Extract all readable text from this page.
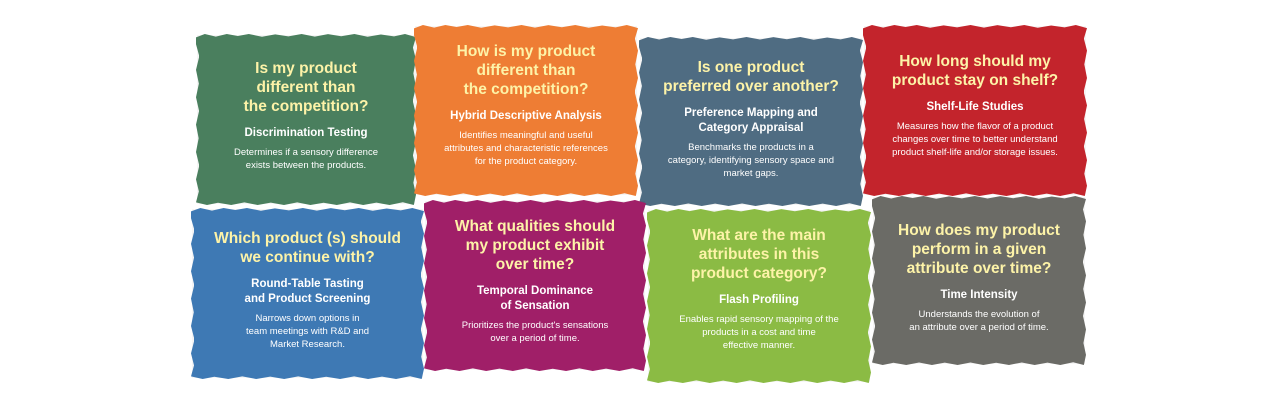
Is my product
different than
the competition?
Discrimination Testing
Determines if a sensory difference
exists between the products.
How is my product
different than
the competition?
Hybrid Descriptive Analysis
Identifies meaningful and useful
attributes and characteristic references
for the product category.
Is one product
preferred over another?
Preference Mapping and
Category Appraisal
Benchmarks the products in a
category, identifying sensory space and
market gaps.
How long should my
product stay on shelf?
Shelf-Life Studies
Measures how the flavor of a product
changes over time to better understand
product shelf-life and/or storage issues.
Which product (s) should
we continue with?
Round-Table Tasting
and Product Screening
Narrows down options in
team meetings with R&D and
Market Research.
What qualities should
my product exhibit
over time?
Temporal Dominance
of Sensation
Prioritizes the product's sensations
over a period of time.
What are the main
attributes in this
product category?
Flash Profiling
Enables rapid sensory mapping of the
products in a cost and time
effective manner.
How does my product
perform in a given
attribute over time?
Time Intensity
Understands the evolution of
an attribute over a period of time.
